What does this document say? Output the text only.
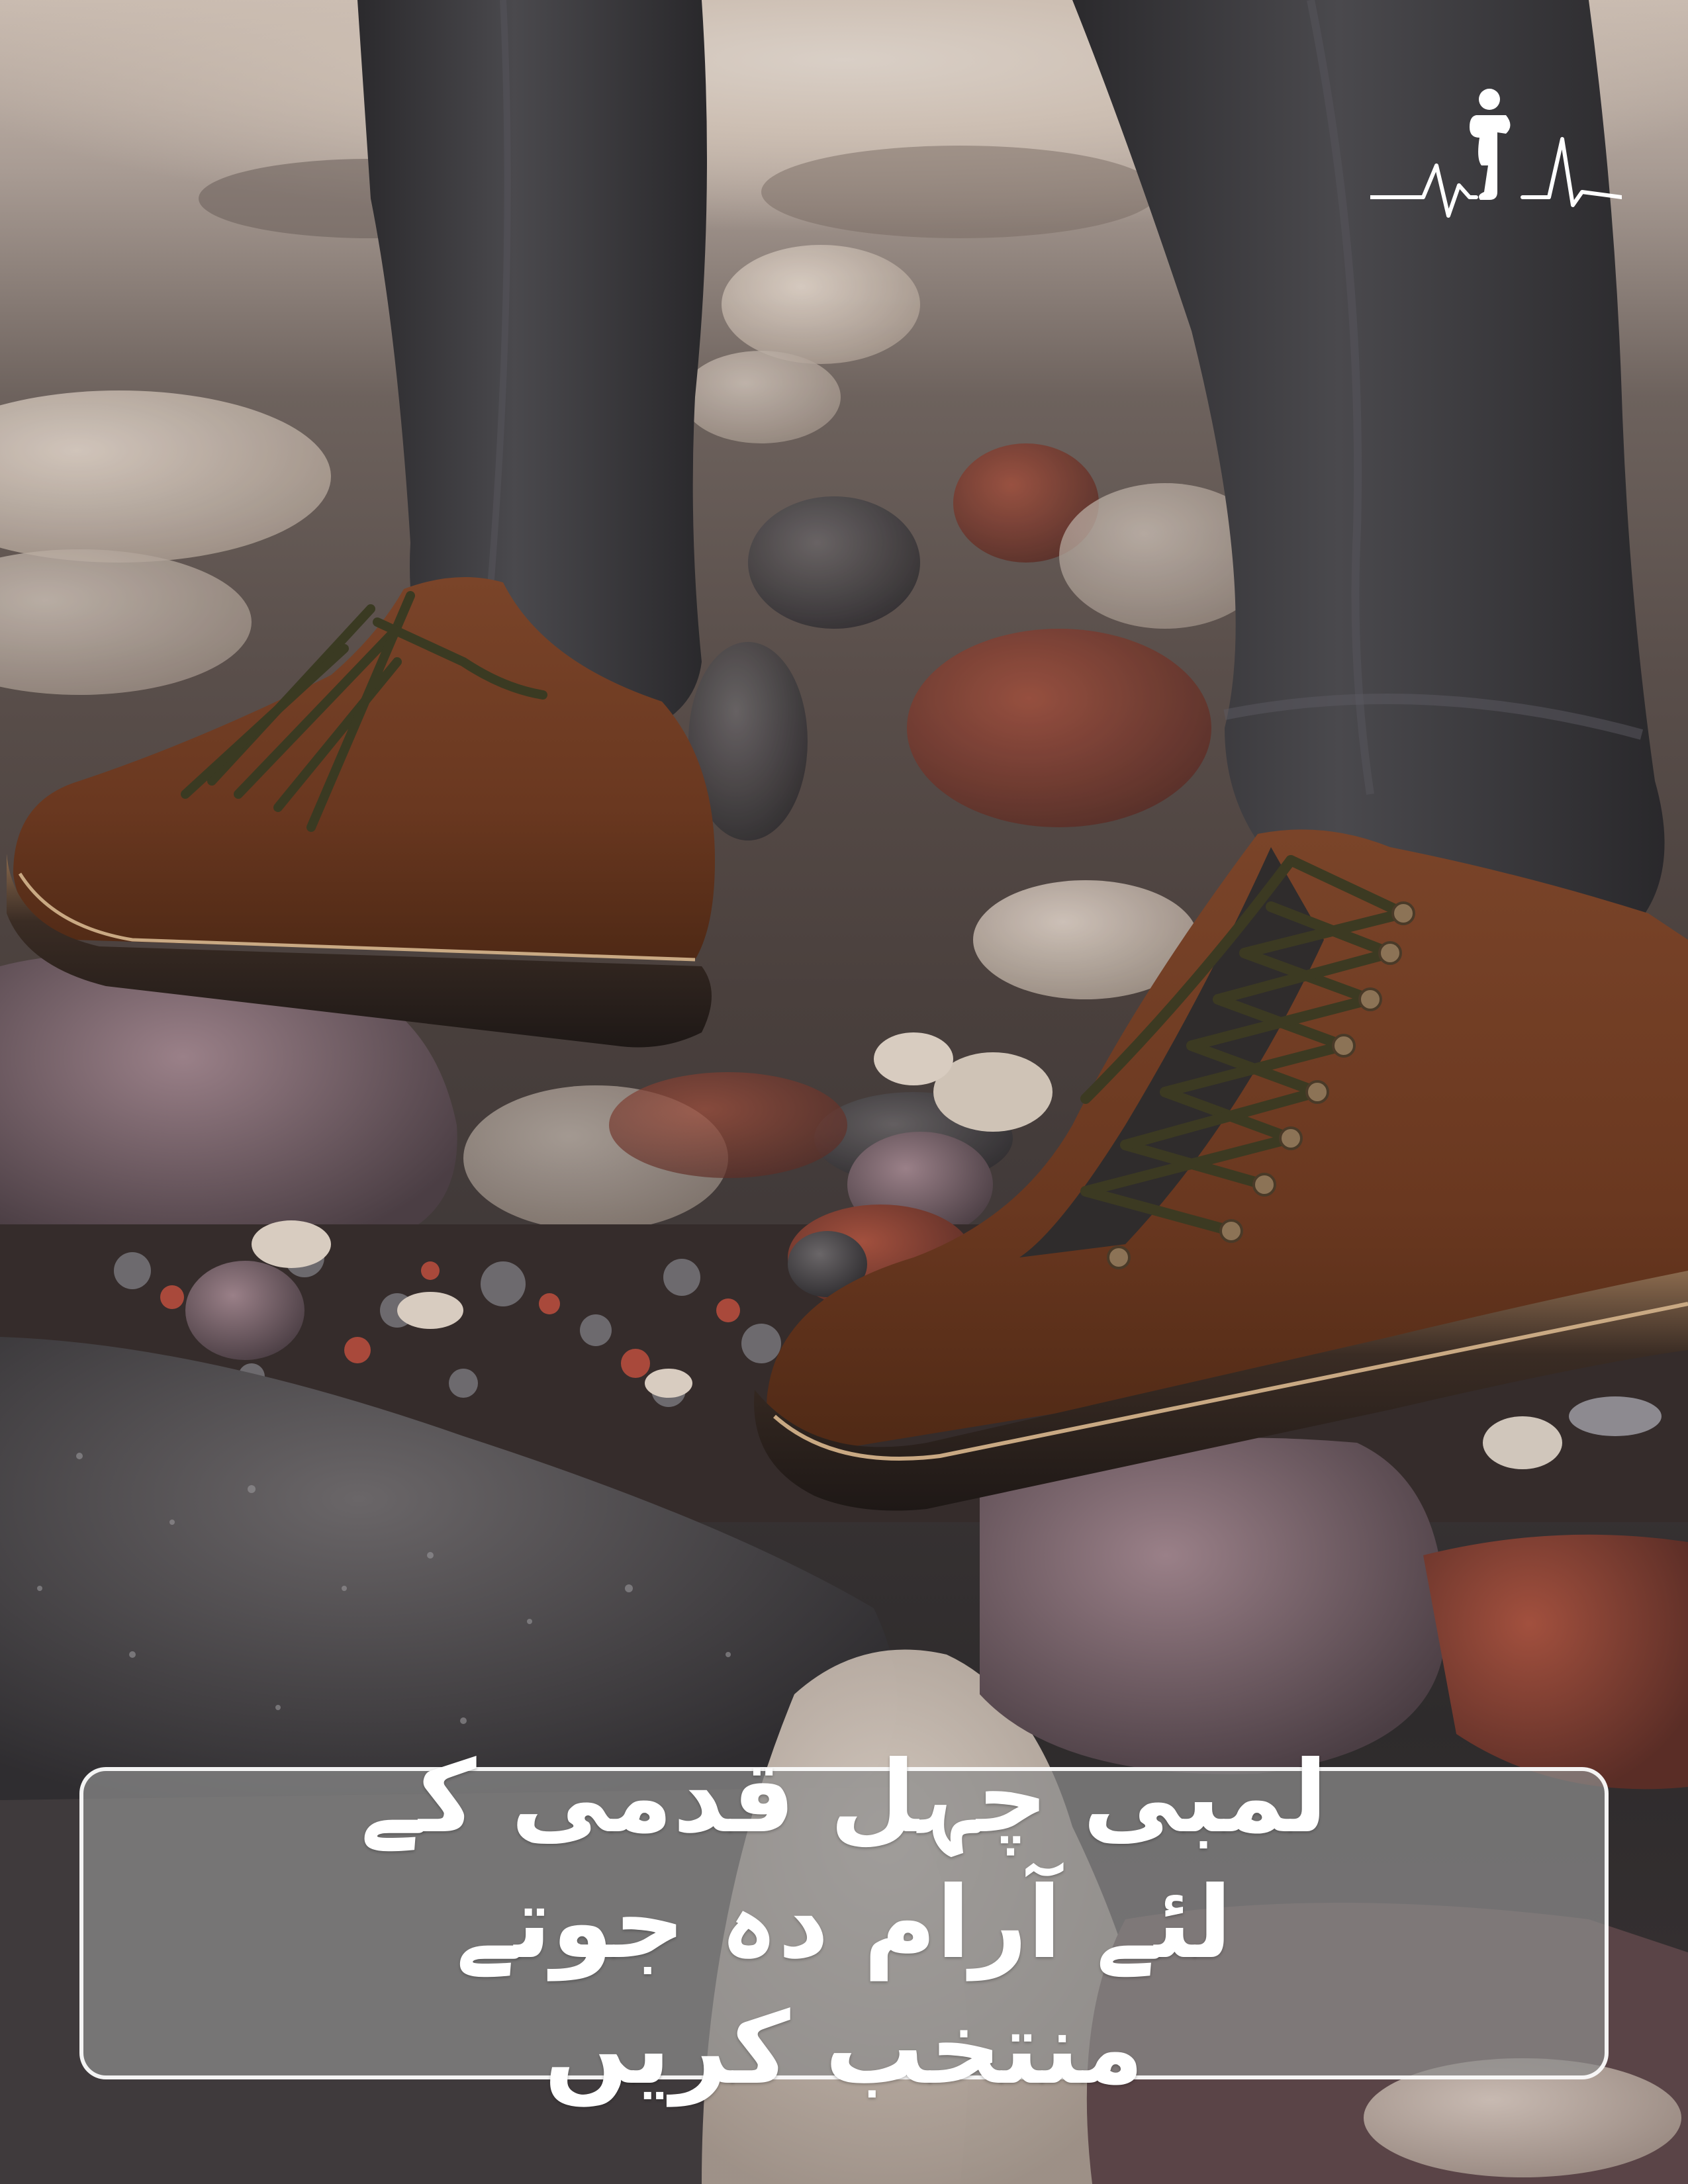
لمبی چہل قدمی کے لئے آرام دہ جوتے منتخب کریں
